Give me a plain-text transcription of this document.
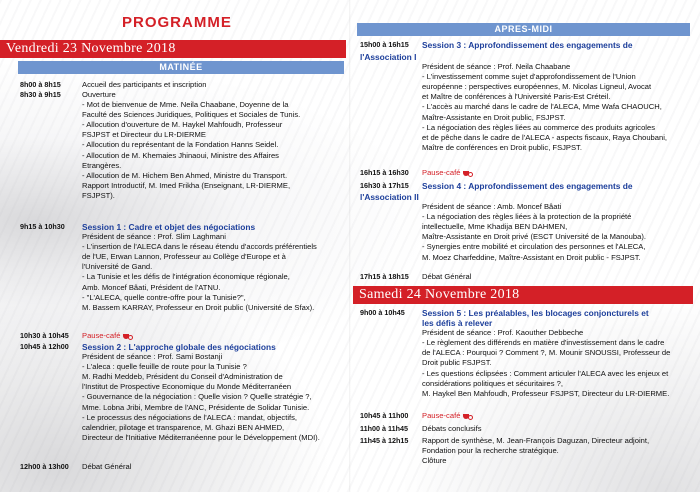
PROGRAMME
Vendredi 23 Novembre 2018
MATINÉE
8h00 à 8h15	Accueil des participants et inscription
8h30 à 9h15	Ouverture
- Mot de bienvenue de Mme. Neila Chaabane, Doyenne de la
Faculté des Sciences Juridiques, Politiques et Sociales de Tunis.
- Allocution d'ouverture de M. Haykel Mahfoudh, Professeur
FSJPST et Directeur du LR-DIERME
- Allocution du représentant de la Fondation Hanns Seidel.
- Allocution de M. Khemaies Jhinaoui, Ministre des Affaires
Etrangères.
- Allocution de M. Hichem Ben Ahmed, Ministre du Transport.
Rapport Introductif, M. Imed Frikha (Enseignant, LR-DIERME,
FSJPST).
9h15 à 10h30	Session 1 : Cadre et objet des négociations
Président de séance : Prof. Slim Laghmani
- L'insertion de l'ALECA dans le réseau étendu d'accords préférentiels
de l'UE, Erwan Lannon, Professeur au Collège d'Europe et à
l'Université de Gand.
- La Tunisie et les défis de l'intégration économique régionale,
Amb. Moncef Bâati, Président de l'ATNU.
- "L'ALECA, quelle contre-offre pour la Tunisie?",
M. Bassem KARRAY, Professeur en Droit public (Université de Sfax).
10h30 à 10h45	Pause-café
10h45 à 12h00	Session 2 : L'approche globale des négociations
Président de séance : Prof. Sami Bostanji
- L'aleca : quelle feuille de route pour la Tunisie ?
M. Radhi Meddeb, Président du Conseil d'Administration de
l'Institut de Prospective Economique du Monde Méditerranéen
- Gouvernance de la négociation : Quelle vision ? Quelle stratégie ?,
Mme. Lobna Jribi, Membre de l'ANC, Présidente de Solidar Tunisie.
- Le processus des négociations de l'ALECA : mandat, objectifs,
calendrier, pilotage et transparence, M. Ghazi BEN AHMED,
Directeur de l'Initiative Méditerranéenne pour le Développement (MDI).
12h00 à 13h00	Débat Général
APRES-MIDI
15h00 à 16h15	Session 3 : Approfondissement des engagements de
l'Association I
Président de séance : Prof. Neila Chaabane
- L'investissement comme sujet d'approfondissement de l'Union
européenne : perspectives européennes, M. Nicolas Ligneul, Avocat
et Maître de conférences à l'Université Paris-Est Créteil.
- L'accès au marché dans le cadre de l'ALECA, Mme Wafa CHAOUCH,
Maître-Assistante en Droit public, FSJPST.
- La négociation des règles liées au commerce des produits agricoles
et de pêche dans le cadre de l'ALECA - aspects fiscaux, Raya Choubani,
Maître de conférences en Droit public, FSJPST.
16h15 à 16h30	Pause-café
16h30 à 17h15	Session 4 : Approfondissement des engagements de
l'Association II
Président de séance : Amb. Moncef Bâati
- La négociation des règles liées à la protection de la propriété
intellectuelle, Mme Khadija BEN DAHMEN,
Maître-Assistante en Droit privé (ESCT Université de la Manouba).
- Synergies entre mobilité et circulation des personnes et l'ALECA,
M. Moez Charfeddine, Maître-Assistant en Droit public - FSJPST.
17h15 à 18h15	Débat Général
Samedi 24 Novembre 2018
9h00 à 10h45	Session 5 : Les préalables, les blocages conjoncturels et
les défis à relever
Président de séance : Prof. Kaouther Debbeche
- Le règlement des différends en matière d'investissement dans le cadre
de l'ALECA : Pourquoi ? Comment ?, M. Mounir SNOUSSI, Professeur de
Droit public FSJPST.
- Les questions éclipsées : Comment articuler l'ALECA avec les enjeux et
considérations politiques et sécuritaires ?,
M. Haykel Ben Mahfoudh, Professeur FSJPST, Directeur du LR-DIERME.
10h45 à 11h00	Pause-café
11h00 à 11h45	Débats conclusifs
11h45 à 12h15	Rapport de synthèse, M. Jean-François Daguzan, Directeur adjoint,
Fondation pour la recherche stratégique.
Clôture
